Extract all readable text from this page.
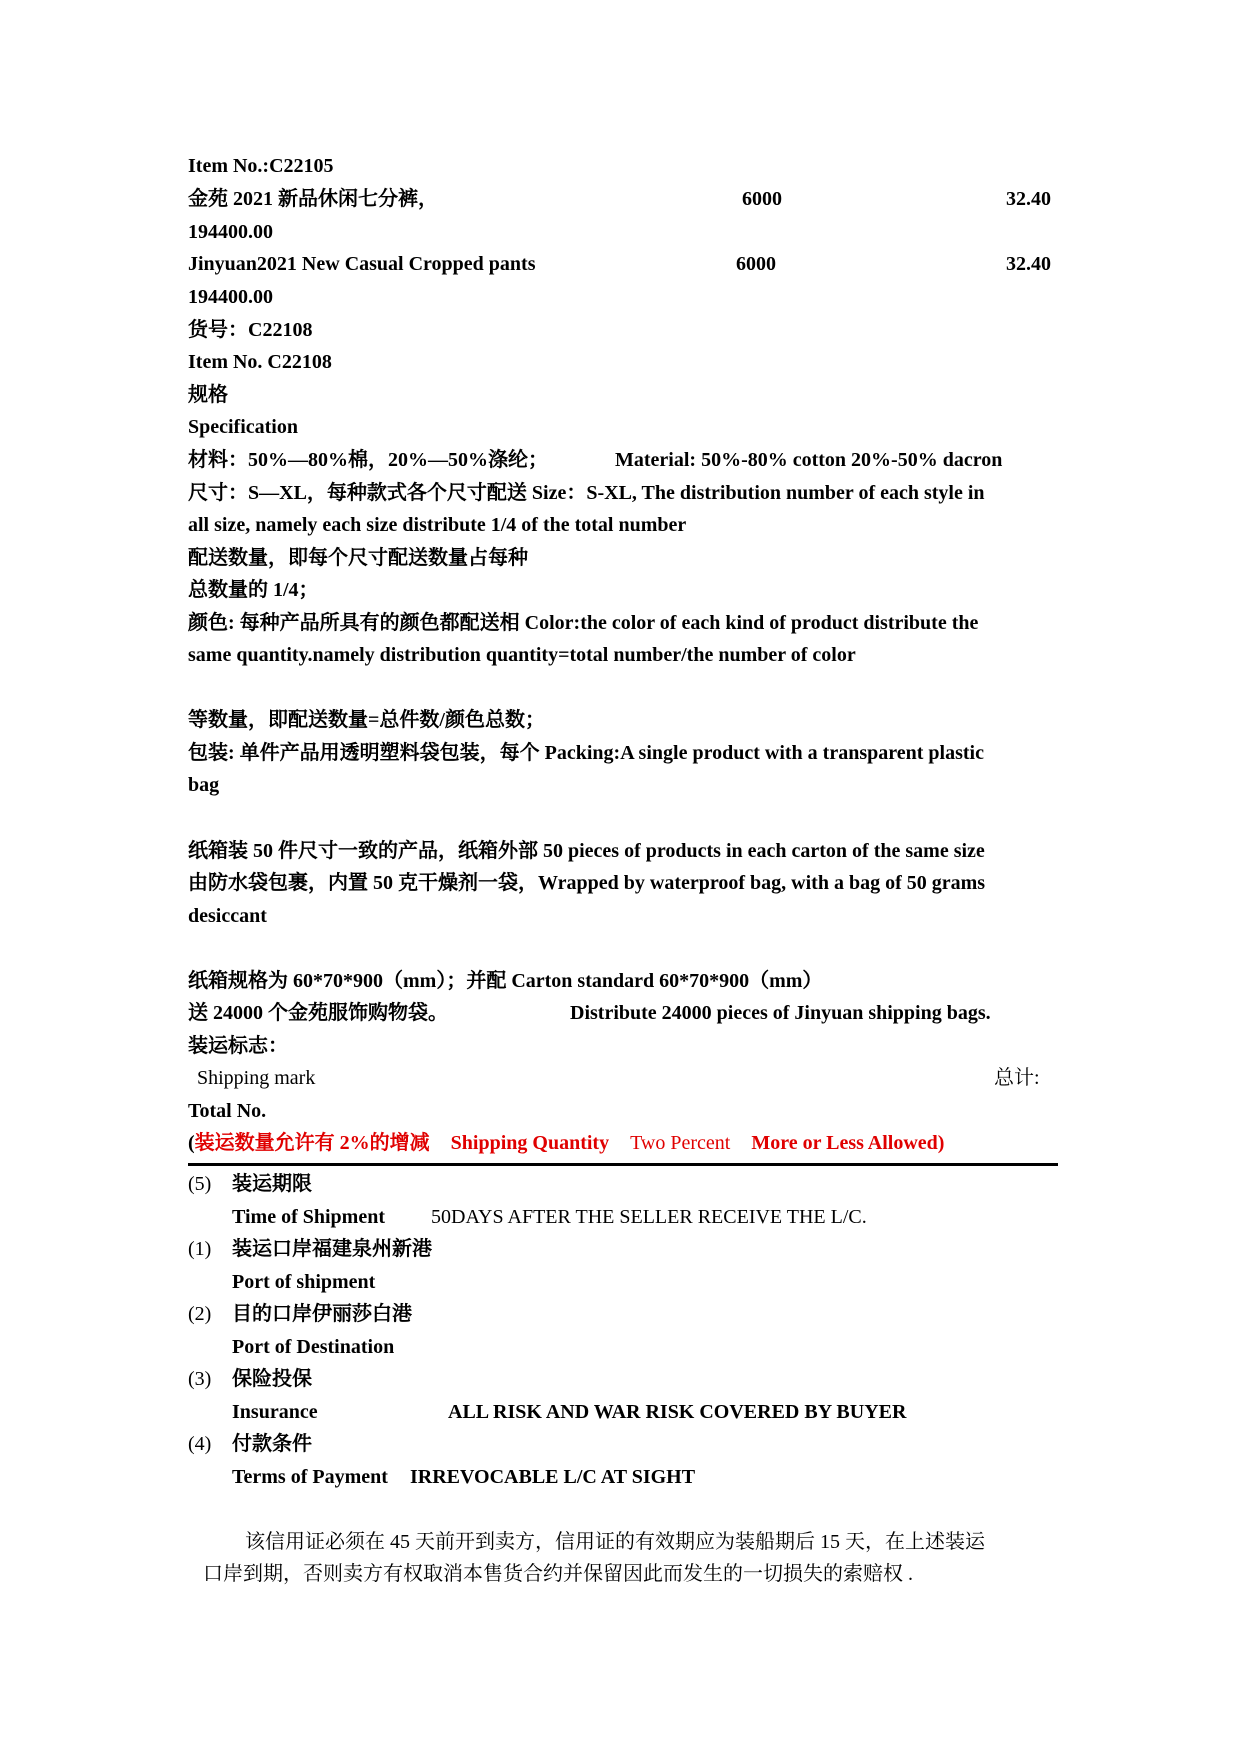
Item No.:C22105
金苑 2021 新品休闲七分裤，	6000	32.40
194400.00
Jinyuan2021 New Casual Cropped pants	6000	32.40
194400.00
货号：C22108
Item No. C22108
规格
Specification
材料：50%—80%棉，20%—50%涤纶；	Material: 50%-80% cotton 20%-50% dacron
尺寸：S—XL，每种款式各个尺寸配送 Size：S-XL, The distribution number of each style in
all size, namely each size distribute 1/4 of the total number
配送数量，即每个尺寸配送数量占每种
总数量的 1/4；
颜色: 每种产品所具有的颜色都配送相 Color:the color of each kind of product distribute the
same quantity.namely distribution quantity=total number/the number of color
等数量，即配送数量=总件数/颜色总数；
包装: 单件产品用透明塑料袋包装，每个 Packing:A single product with a transparent plastic
bag
纸箱装 50 件尺寸一致的产品，纸箱外部 50 pieces of products in each carton of the same size
由防水袋包裹，内置 50 克干燥剂一袋，Wrapped by waterproof bag, with a bag of 50 grams
desiccant
纸箱规格为 60*70*900（mm）；并配 Carton standard 60*70*900（mm）
送 24000 个金苑服饰购物袋。	Distribute 24000 pieces of Jinyuan shipping bags.
装运标志：
Shipping mark	总计:
Total No.
(装运数量允许有 2%的增减 Shipping Quantity Two Percent More or Less Allowed)
(5) 装运期限
Time of Shipment 50DAYS AFTER THE SELLER RECEIVE THE L/C.
(1) 装运口岸福建泉州新港
Port of shipment
(2) 目的口岸伊丽莎白港
Port of Destination
(3) 保险投保
Insurance	ALL RISK AND WAR RISK COVERED BY BUYER
(4) 付款条件
Terms of Payment IRREVOCABLE L/C AT SIGHT
该信用证必须在 45 天前开到卖方，信用证的有效期应为装船期后 15 天，在上述装运
口岸到期，否则卖方有权取消本售货合约并保留因此而发生的一切损失的索赔权 .
